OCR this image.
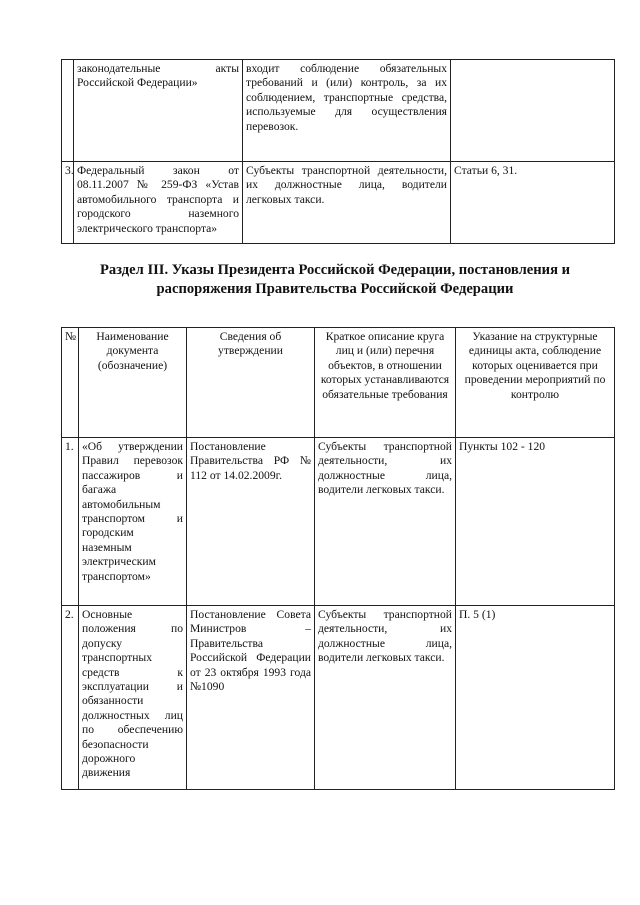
	законодательные акты Российской Федерации»	входит соблюдение обязательных требований и (или) контроль, за их соблюдением, транспортные средства, используемые для осуществления перевозок.	
3.	Федеральный закон от 08.11.2007 № 259-ФЗ «Устав автомобильного транспорта и городского наземного электрического транспорта»	Субъекты транспортной деятельности, их должностные лица, водители легковых такси.	Статьи 6, 31.
Раздел III. Указы Президента Российской Федерации, постановления и распоряжения Правительства Российской Федерации
№	Наименование документа (обозначение)	Сведения об утверждении	Краткое описание круга лиц и (или) перечня объектов, в отношении которых устанавливаются обязательные требования	Указание на структурные единицы акта, соблюдение которых оценивается при проведении мероприятий по контролю
1.	«Об утверждении Правил перевозок пассажиров и багажа автомобильным транспортом и городским наземным электрическим транспортом»	Постановление Правительства РФ № 112 от 14.02.2009г.	Субъекты транспортной деятельности, их должностные лица, водители легковых такси.	Пункты 102 - 120
2.	Основные положения по допуску транспортных средств к эксплуатации и обязанности должностных лиц по обеспечению безопасности дорожного движения	Постановление Совета Министров – Правительства Российской Федерации от 23 октября 1993 года №1090	Субъекты транспортной деятельности, их должностные лица, водители легковых такси.	П. 5 (1)
